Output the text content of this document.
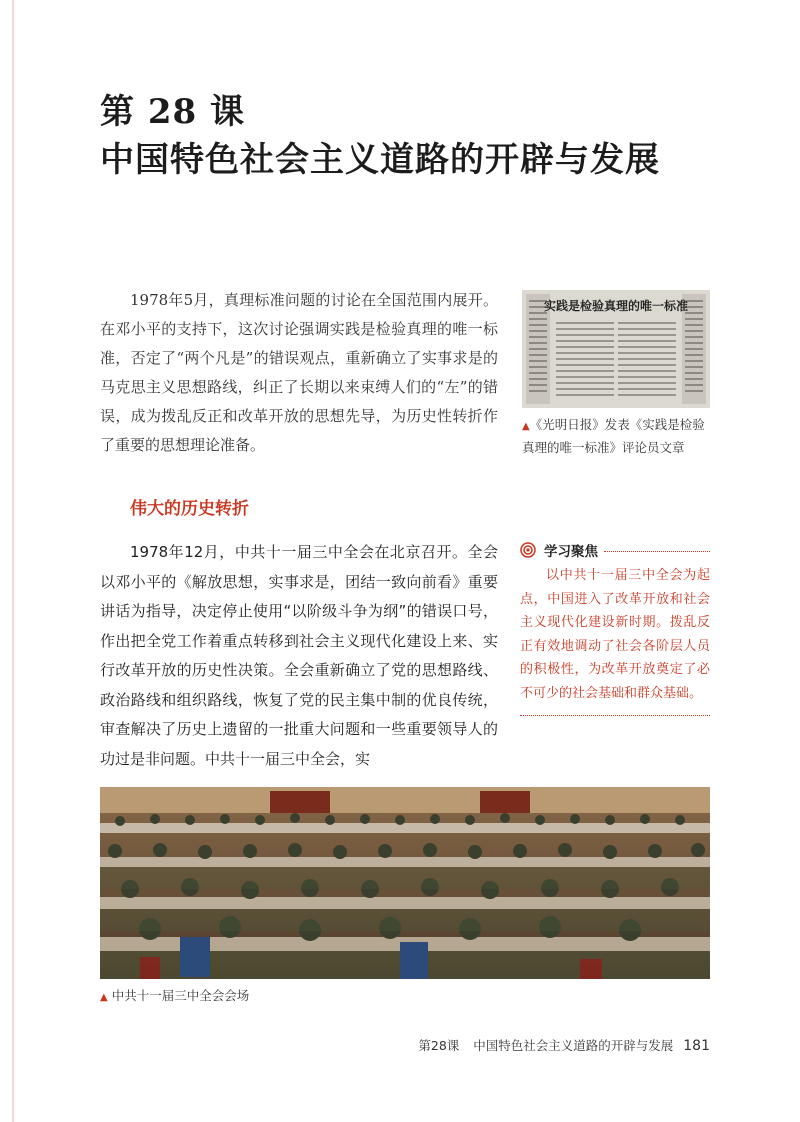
第 28 课
中国特色社会主义道路的开辟与发展
1978年5月，真理标准问题的讨论在全国范围内展开。在邓小平的支持下，这次讨论强调实践是检验真理的唯一标准，否定了“两个凡是”的错误观点，重新确立了实事求是的马克思主义思想路线，纠正了长期以来束缚人们的“左”的错误，成为拨乱反正和改革开放的思想先导，为历史性转折作了重要的思想理论准备。
实践是检验真理的唯一标准
▲《光明日报》发表《实践是检验真理的唯一标准》评论员文章
伟大的历史转折
1978年12月，中共十一届三中全会在北京召开。全会以邓小平的《解放思想，实事求是，团结一致向前看》重要讲话为指导，决定停止使用“以阶级斗争为纲”的错误口号，作出把全党工作着重点转移到社会主义现代化建设上来、实行改革开放的历史性决策。全会重新确立了党的思想路线、政治路线和组织路线，恢复了党的民主集中制的优良传统，审查解决了历史上遗留的一批重大问题和一些重要领导人的功过是非问题。中共十一届三中全会，实
学习聚焦
以中共十一届三中全会为起点，中国进入了改革开放和社会主义现代化建设新时期。拨乱反正有效地调动了社会各阶层人员的积极性，为改革开放奠定了必不可少的社会基础和群众基础。
▲ 中共十一届三中全会会场
第28课 中国特色社会主义道路的开辟与发展 181
